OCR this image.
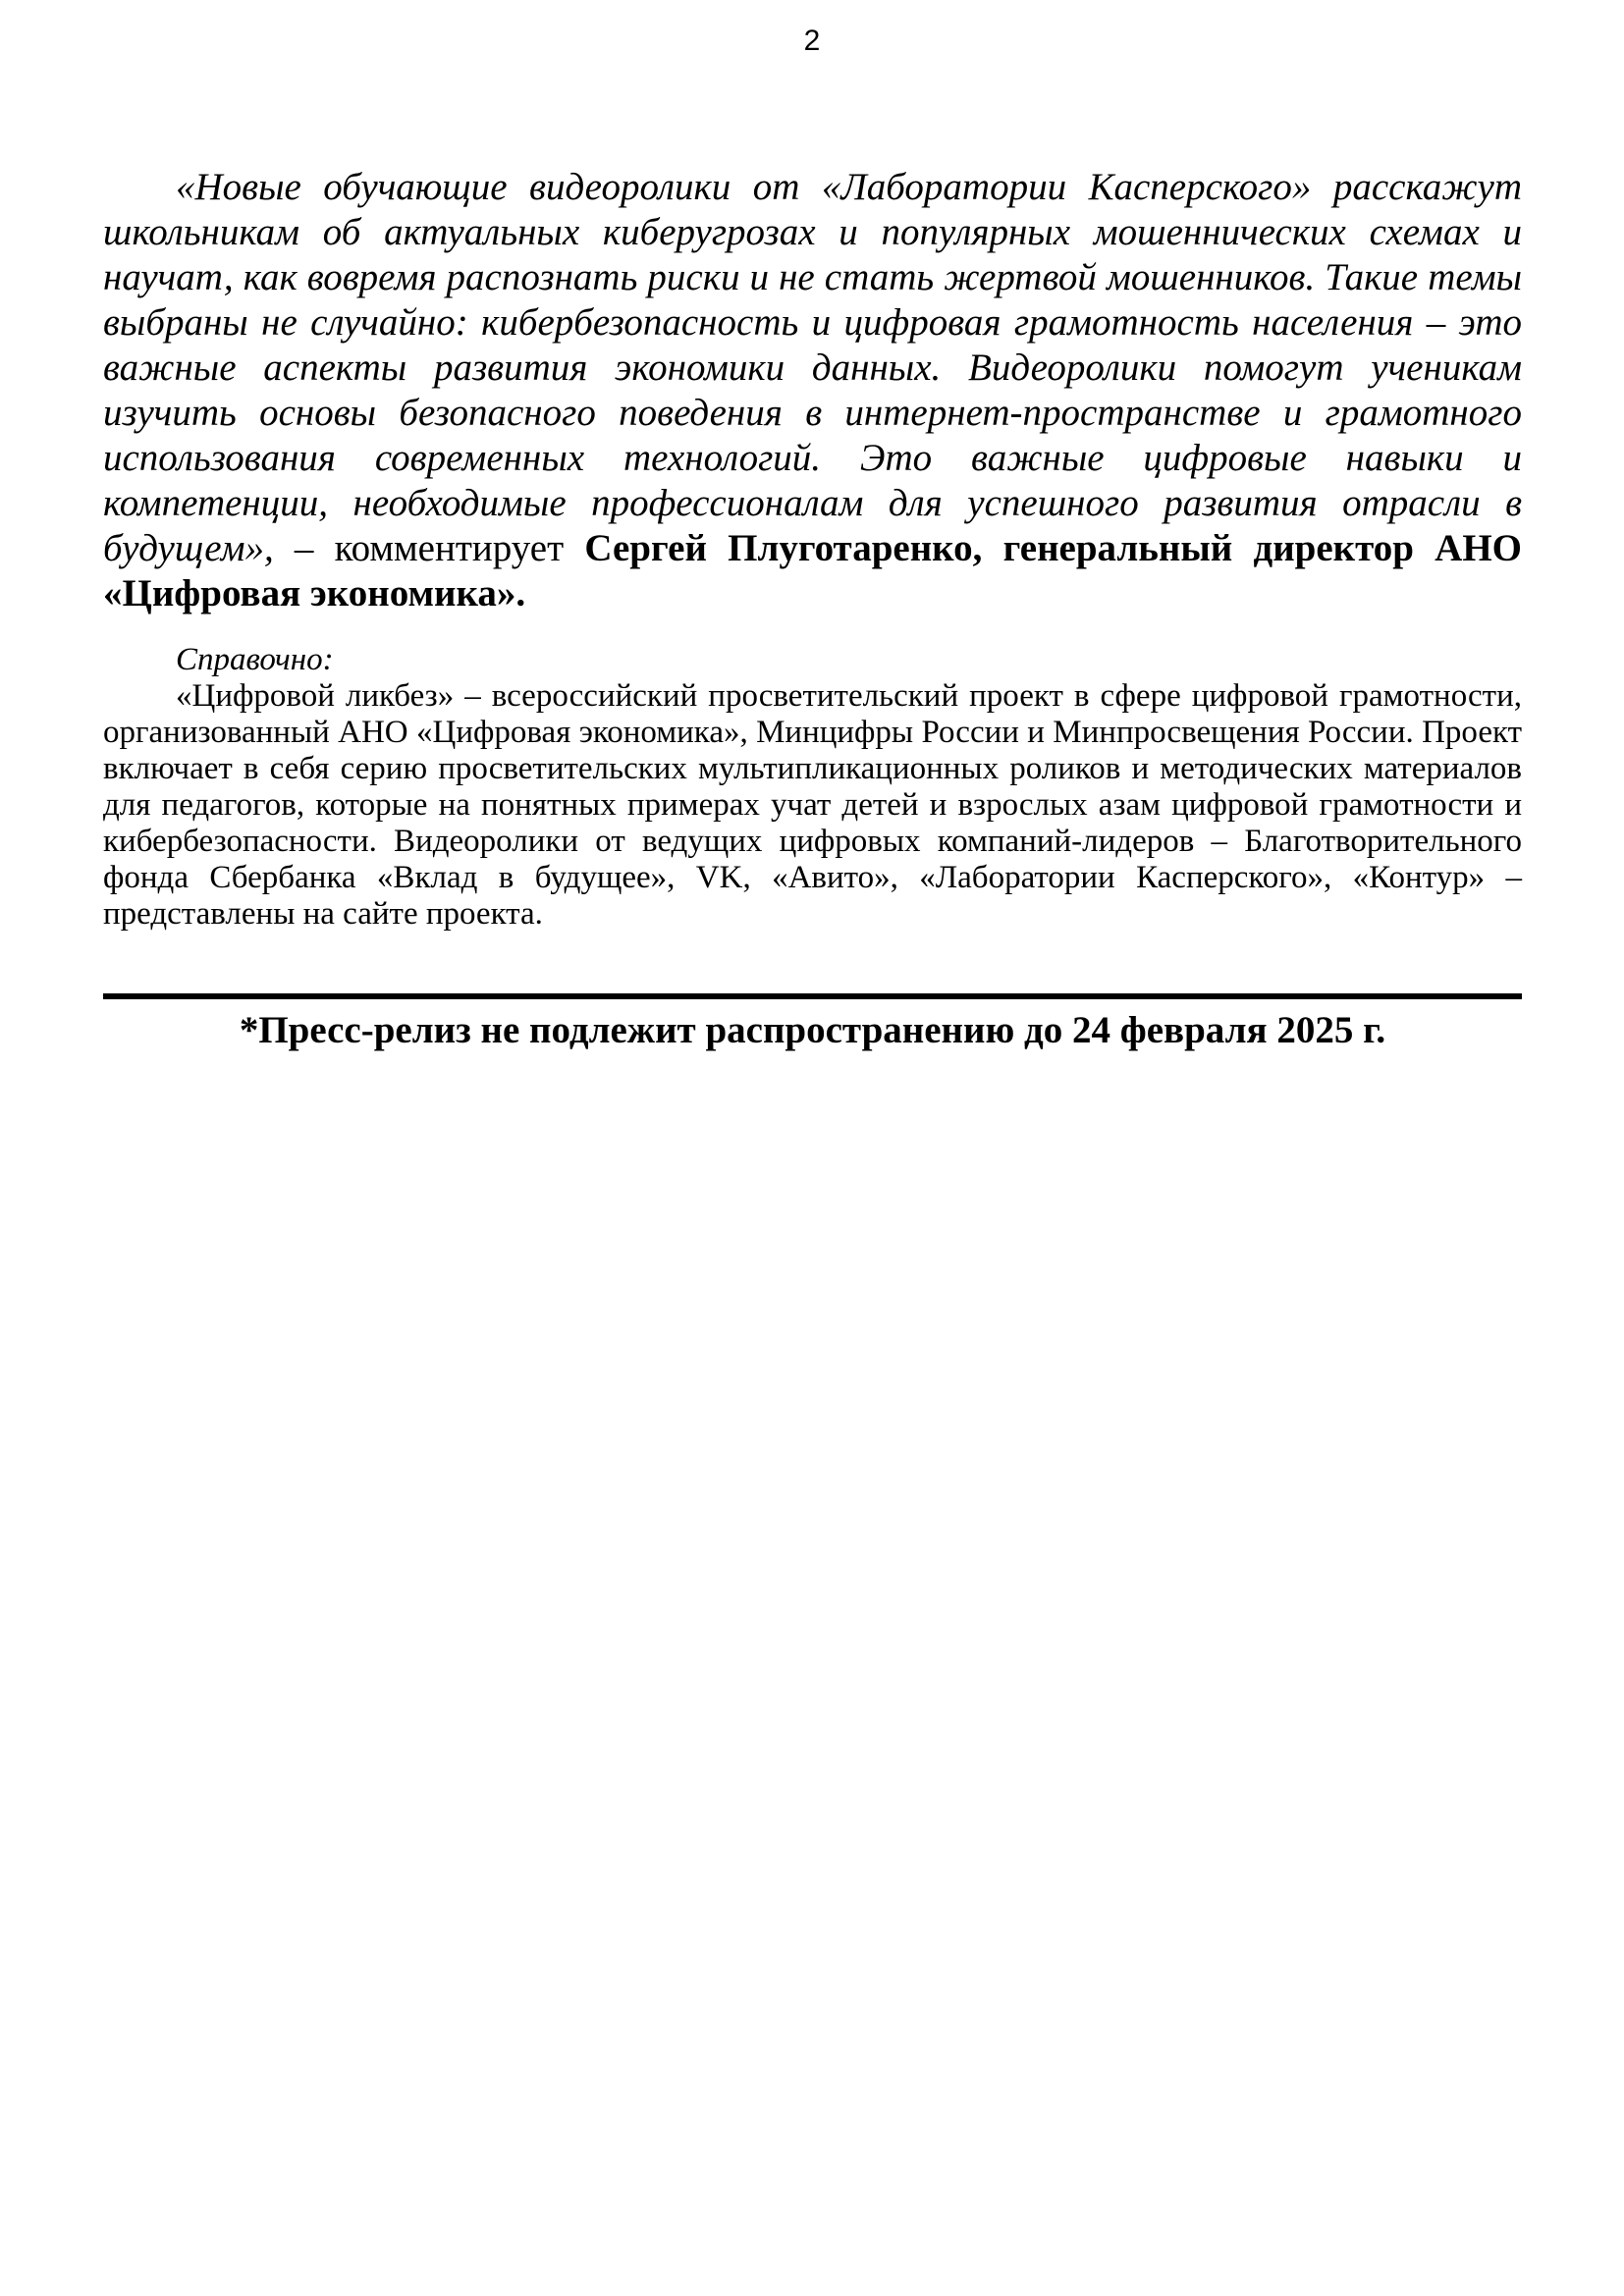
2

«Новые обучающие видеоролики от «Лаборатории Касперского» расскажут школьникам об актуальных киберугрозах и популярных мошеннических схемах и научат, как вовремя распознать риски и не стать жертвой мошенников. Такие темы выбраны не случайно: кибербезопасность и цифровая грамотность населения – это важные аспекты развития экономики данных. Видеоролики помогут ученикам изучить основы безопасного поведения в интернет-пространстве и грамотного использования современных технологий. Это важные цифровые навыки и компетенции, необходимые профессионалам для успешного развития отрасли в будущем», – комментирует Сергей Плуготаренко, генеральный директор АНО «Цифровая экономика».

Справочно:

«Цифровой ликбез» – всероссийский просветительский проект в сфере цифровой грамотности, организованный АНО «Цифровая экономика», Минцифры России и Минпросвещения России. Проект включает в себя серию просветительских мультипликационных роликов и методических материалов для педагогов, которые на понятных примерах учат детей и взрослых азам цифровой грамотности и кибербезопасности. Видеоролики от ведущих цифровых компаний-лидеров – Благотворительного фонда Сбербанка «Вклад в будущее», VK, «Авито», «Лаборатории Касперского», «Контур» – представлены на сайте проекта.

*Пресс-релиз не подлежит распространению до 24 февраля 2025 г.
